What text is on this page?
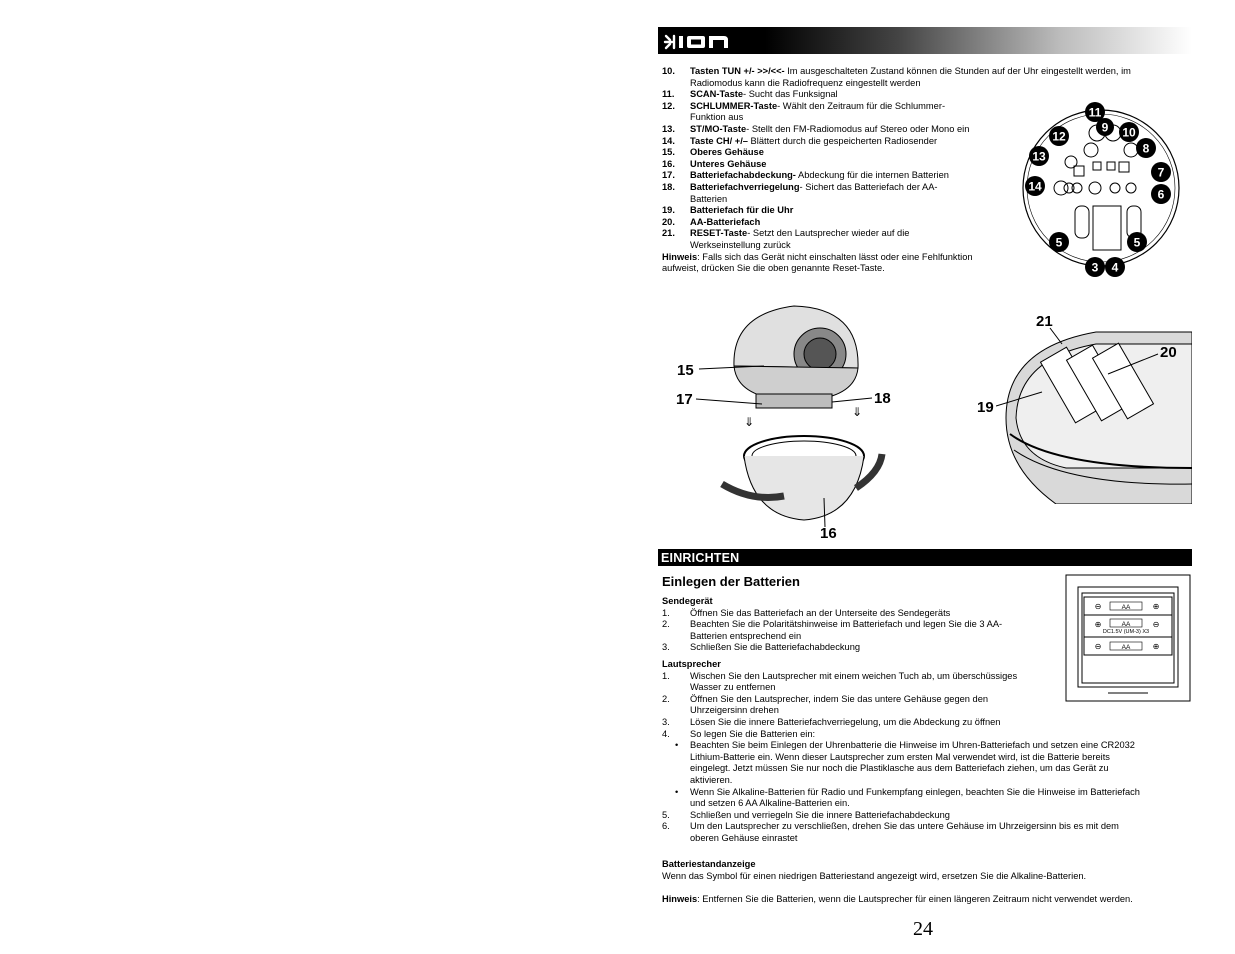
10. Tasten TUN +/- >>/<<- Im ausgeschalteten Zustand können die Stunden auf der Uhr eingestellt werden, im
Radiomodus kann die Radiofrequenz eingestellt werden
11. SCAN-Taste- Sucht das Funksignal
12. SCHLUMMER-Taste- Wählt den Zeitraum für die Schlummer-
Funktion aus
13. ST/MO-Taste- Stellt den FM-Radiomodus auf Stereo oder Mono ein
14. Taste CH/ +/– Blättert durch die gespeicherten Radiosender
15. Oberes Gehäuse
16. Unteres Gehäuse
17. Batteriefachabdeckung- Abdeckung für die internen Batterien
18. Batteriefachverriegelung- Sichert das Batteriefach der AA-
Batterien
19. Batteriefach für die Uhr
20. AA-Batteriefach
21. RESET-Taste- Setzt den Lautsprecher wieder auf die
Werkseinstellung zurück
Hinweis: Falls sich das Gerät nicht einschalten lässt oder eine Fehlfunktion
aufweist, drücken Sie die oben genannte Reset-Taste.
11
12
9 10
8
13
7
14
6
5	5
3 4
⇓
⇓
15
17	18
16
21
20
19
EINRICHTEN
Einlegen der Batterien
Sendegerät
1. Öffnen Sie das Batteriefach an der Unterseite des Sendegeräts
2. Beachten Sie die Polaritätshinweise im Batteriefach und legen Sie die 3 AA-
Batterien entsprechend ein
3. Schließen Sie die Batteriefachabdeckung
Lautsprecher
1. Wischen Sie den Lautsprecher mit einem weichen Tuch ab, um überschüssiges
Wasser zu entfernen
2. Öffnen Sie den Lautsprecher, indem Sie das untere Gehäuse gegen den
Uhrzeigersinn drehen
3. Lösen Sie die innere Batteriefachverriegelung, um die Abdeckung zu öffnen
4. So legen Sie die Batterien ein:
• Beachten Sie beim Einlegen der Uhrenbatterie die Hinweise im Uhren-Batteriefach und setzen eine CR2032
Lithium-Batterie ein. Wenn dieser Lautsprecher zum ersten Mal verwendet wird, ist die Batterie bereits
eingelegt. Jetzt müssen Sie nur noch die Plastiklasche aus dem Batteriefach ziehen, um das Gerät zu
aktivieren.
• Wenn Sie Alkaline-Batterien für Radio und Funkempfang einlegen, beachten Sie die Hinweise im Batteriefach
und setzen 6 AA Alkaline-Batterien ein.
5. Schließen und verriegeln Sie die innere Batteriefachabdeckung
6. Um den Lautsprecher zu verschließen, drehen Sie das untere Gehäuse im Uhrzeigersinn bis es mit dem
oberen Gehäuse einrastet
Batteriestandanzeige
Wenn das Symbol für einen niedrigen Batteriestand angezeigt wird, ersetzen Sie die Alkaline-Batterien.
Hinweis: Entfernen Sie die Batterien, wenn die Lautsprecher für einen längeren Zeitraum nicht verwendet werden.
⊖	⊕
⊕	⊖
⊖	⊕
AA
AA
AA
DC1.5V (UM-3) X3
24
